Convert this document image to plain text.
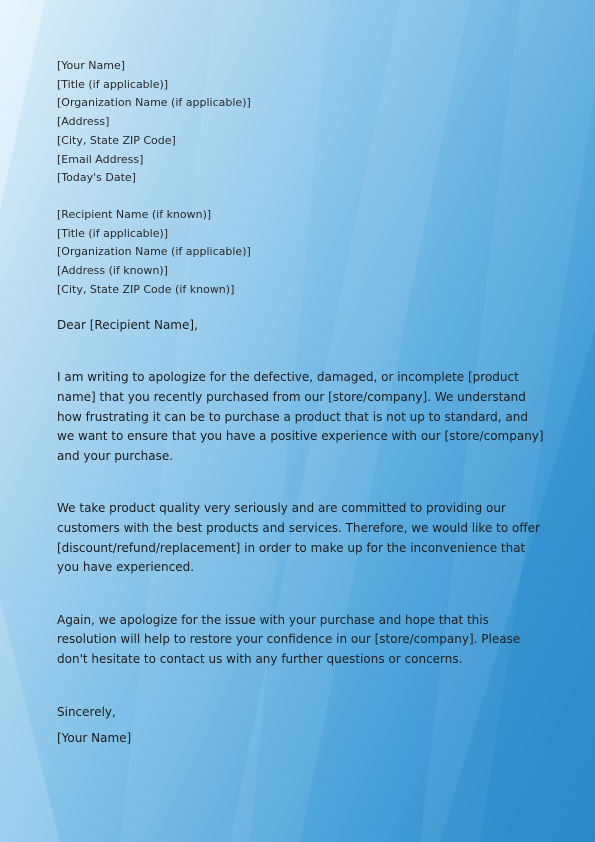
[Your Name]
[Title (if applicable)]
[Organization Name (if applicable)]
[Address]
[City, State ZIP Code]
[Email Address]
[Today's Date]
[Recipient Name (if known)]
[Title (if applicable)]
[Organization Name (if applicable)]
[Address (if known)]
[City, State ZIP Code (if known)]
Dear [Recipient Name],

I am writing to apologize for the defective, damaged, or incomplete [product name] that you recently purchased from our [store/company]. We understand how frustrating it can be to purchase a product that is not up to standard, and we want to ensure that you have a positive experience with our [store/company] and your purchase.

We take product quality very seriously and are committed to providing our customers with the best products and services. Therefore, we would like to offer [discount/refund/replacement] in order to make up for the inconvenience that you have experienced.

Again, we apologize for the issue with your purchase and hope that this resolution will help to restore your confidence in our [store/company]. Please don't hesitate to contact us with any further questions or concerns.

Sincerely,
[Your Name]
